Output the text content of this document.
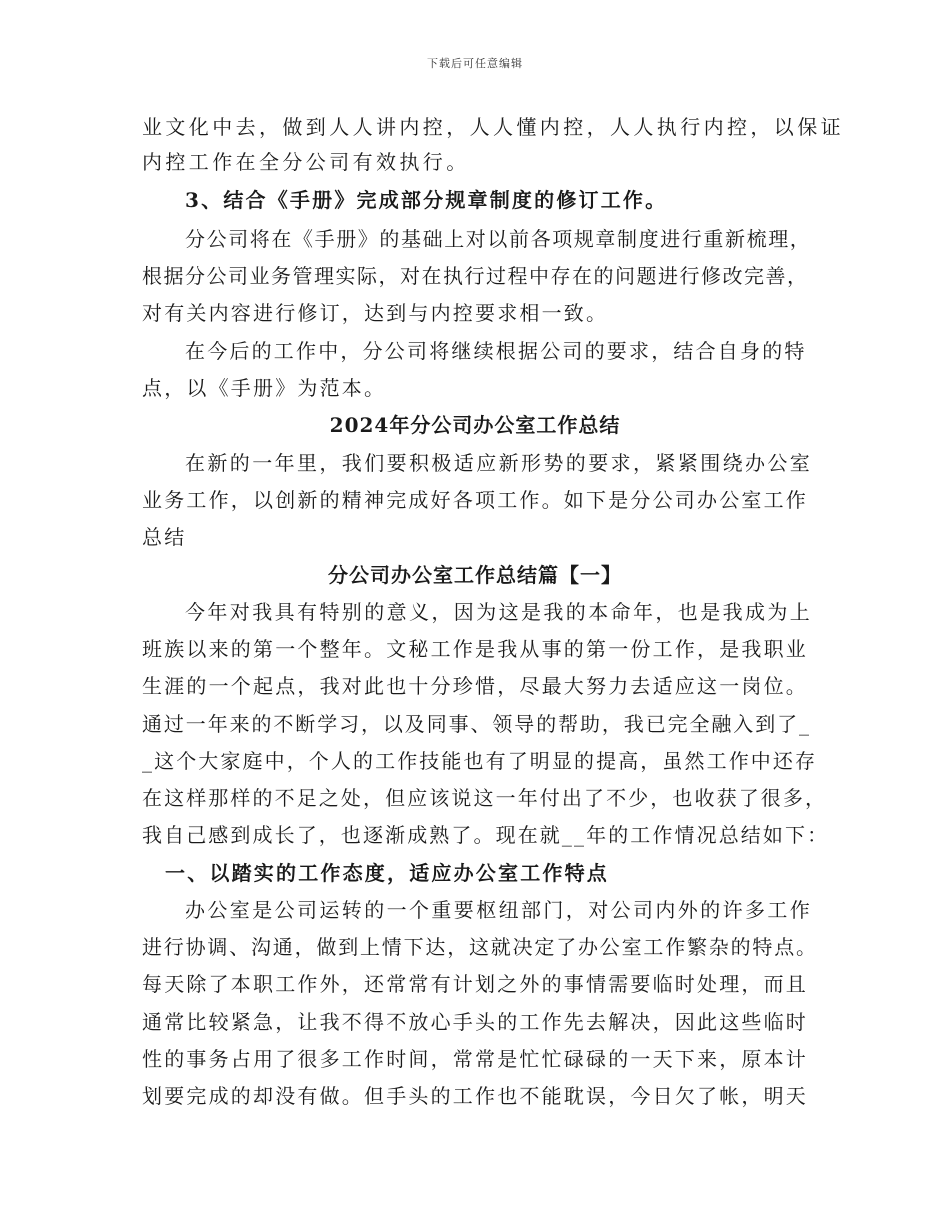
下载后可任意编辑
业文化中去，做到人人讲内控，人人懂内控，人人执行内控，以保证
内控工作在全分公司有效执行。
3、结合《手册》完成部分规章制度的修订工作。
分公司将在《手册》的基础上对以前各项规章制度进行重新梳理，
根据分公司业务管理实际，对在执行过程中存在的问题进行修改完善，
对有关内容进行修订，达到与内控要求相一致。
在今后的工作中，分公司将继续根据公司的要求，结合自身的特
点，以《手册》为范本。
2024年分公司办公室工作总结
在新的一年里，我们要积极适应新形势的要求，紧紧围绕办公室
业务工作，以创新的精神完成好各项工作。如下是分公司办公室工作
总结
分公司办公室工作总结篇【一】
今年对我具有特别的意义，因为这是我的本命年，也是我成为上
班族以来的第一个整年。文秘工作是我从事的第一份工作，是我职业
生涯的一个起点，我对此也十分珍惜，尽最大努力去适应这一岗位。
通过一年来的不断学习，以及同事、领导的帮助，我已完全融入到了_
_这个大家庭中，个人的工作技能也有了明显的提高，虽然工作中还存
在这样那样的不足之处，但应该说这一年付出了不少，也收获了很多，
我自己感到成长了，也逐渐成熟了。现在就__年的工作情况总结如下：
一、以踏实的工作态度，适应办公室工作特点
办公室是公司运转的一个重要枢纽部门，对公司内外的许多工作
进行协调、沟通，做到上情下达，这就决定了办公室工作繁杂的特点。
每天除了本职工作外，还常常有计划之外的事情需要临时处理，而且
通常比较紧急，让我不得不放心手头的工作先去解决，因此这些临时
性的事务占用了很多工作时间，常常是忙忙碌碌的一天下来，原本计
划要完成的却没有做。但手头的工作也不能耽误，今日欠了帐，明天
